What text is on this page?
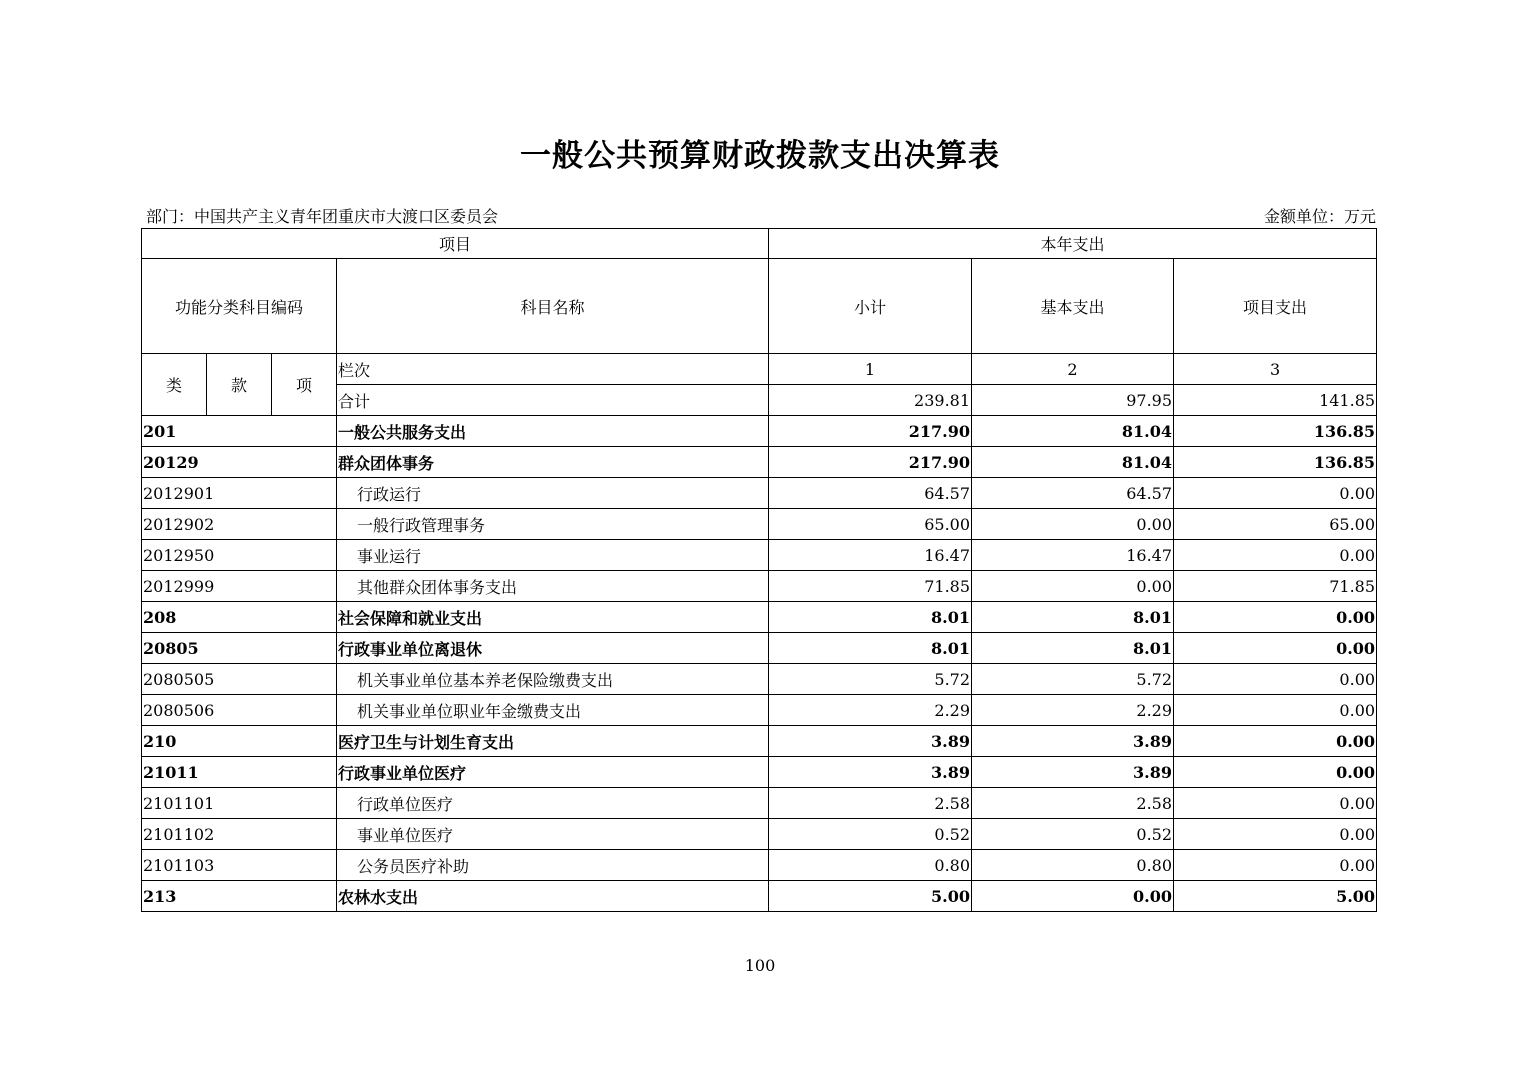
一般公共预算财政拨款支出决算表
部门：中国共产主义青年团重庆市大渡口区委员会	金额单位：万元
项目				本年支出		
功能分类科目编码			科目名称	小计	基本支出	项目支出
类	款	项	栏次	1	2	3
			合计	239.81	97.95	141.85
201			一般公共服务支出	217.90	81.04	136.85
20129			群众团体事务	217.90	81.04	136.85
2012901			行政运行	64.57	64.57	0.00
2012902			一般行政管理事务	65.00	0.00	65.00
2012950			事业运行	16.47	16.47	0.00
2012999			其他群众团体事务支出	71.85	0.00	71.85
208			社会保障和就业支出	8.01	8.01	0.00
20805			行政事业单位离退休	8.01	8.01	0.00
2080505			机关事业单位基本养老保险缴费支出	5.72	5.72	0.00
2080506			机关事业单位职业年金缴费支出	2.29	2.29	0.00
210			医疗卫生与计划生育支出	3.89	3.89	0.00
21011			行政事业单位医疗	3.89	3.89	0.00
2101101			行政单位医疗	2.58	2.58	0.00
2101102			事业单位医疗	0.52	0.52	0.00
2101103			公务员医疗补助	0.80	0.80	0.00
213			农林水支出	5.00	0.00	5.00
100
